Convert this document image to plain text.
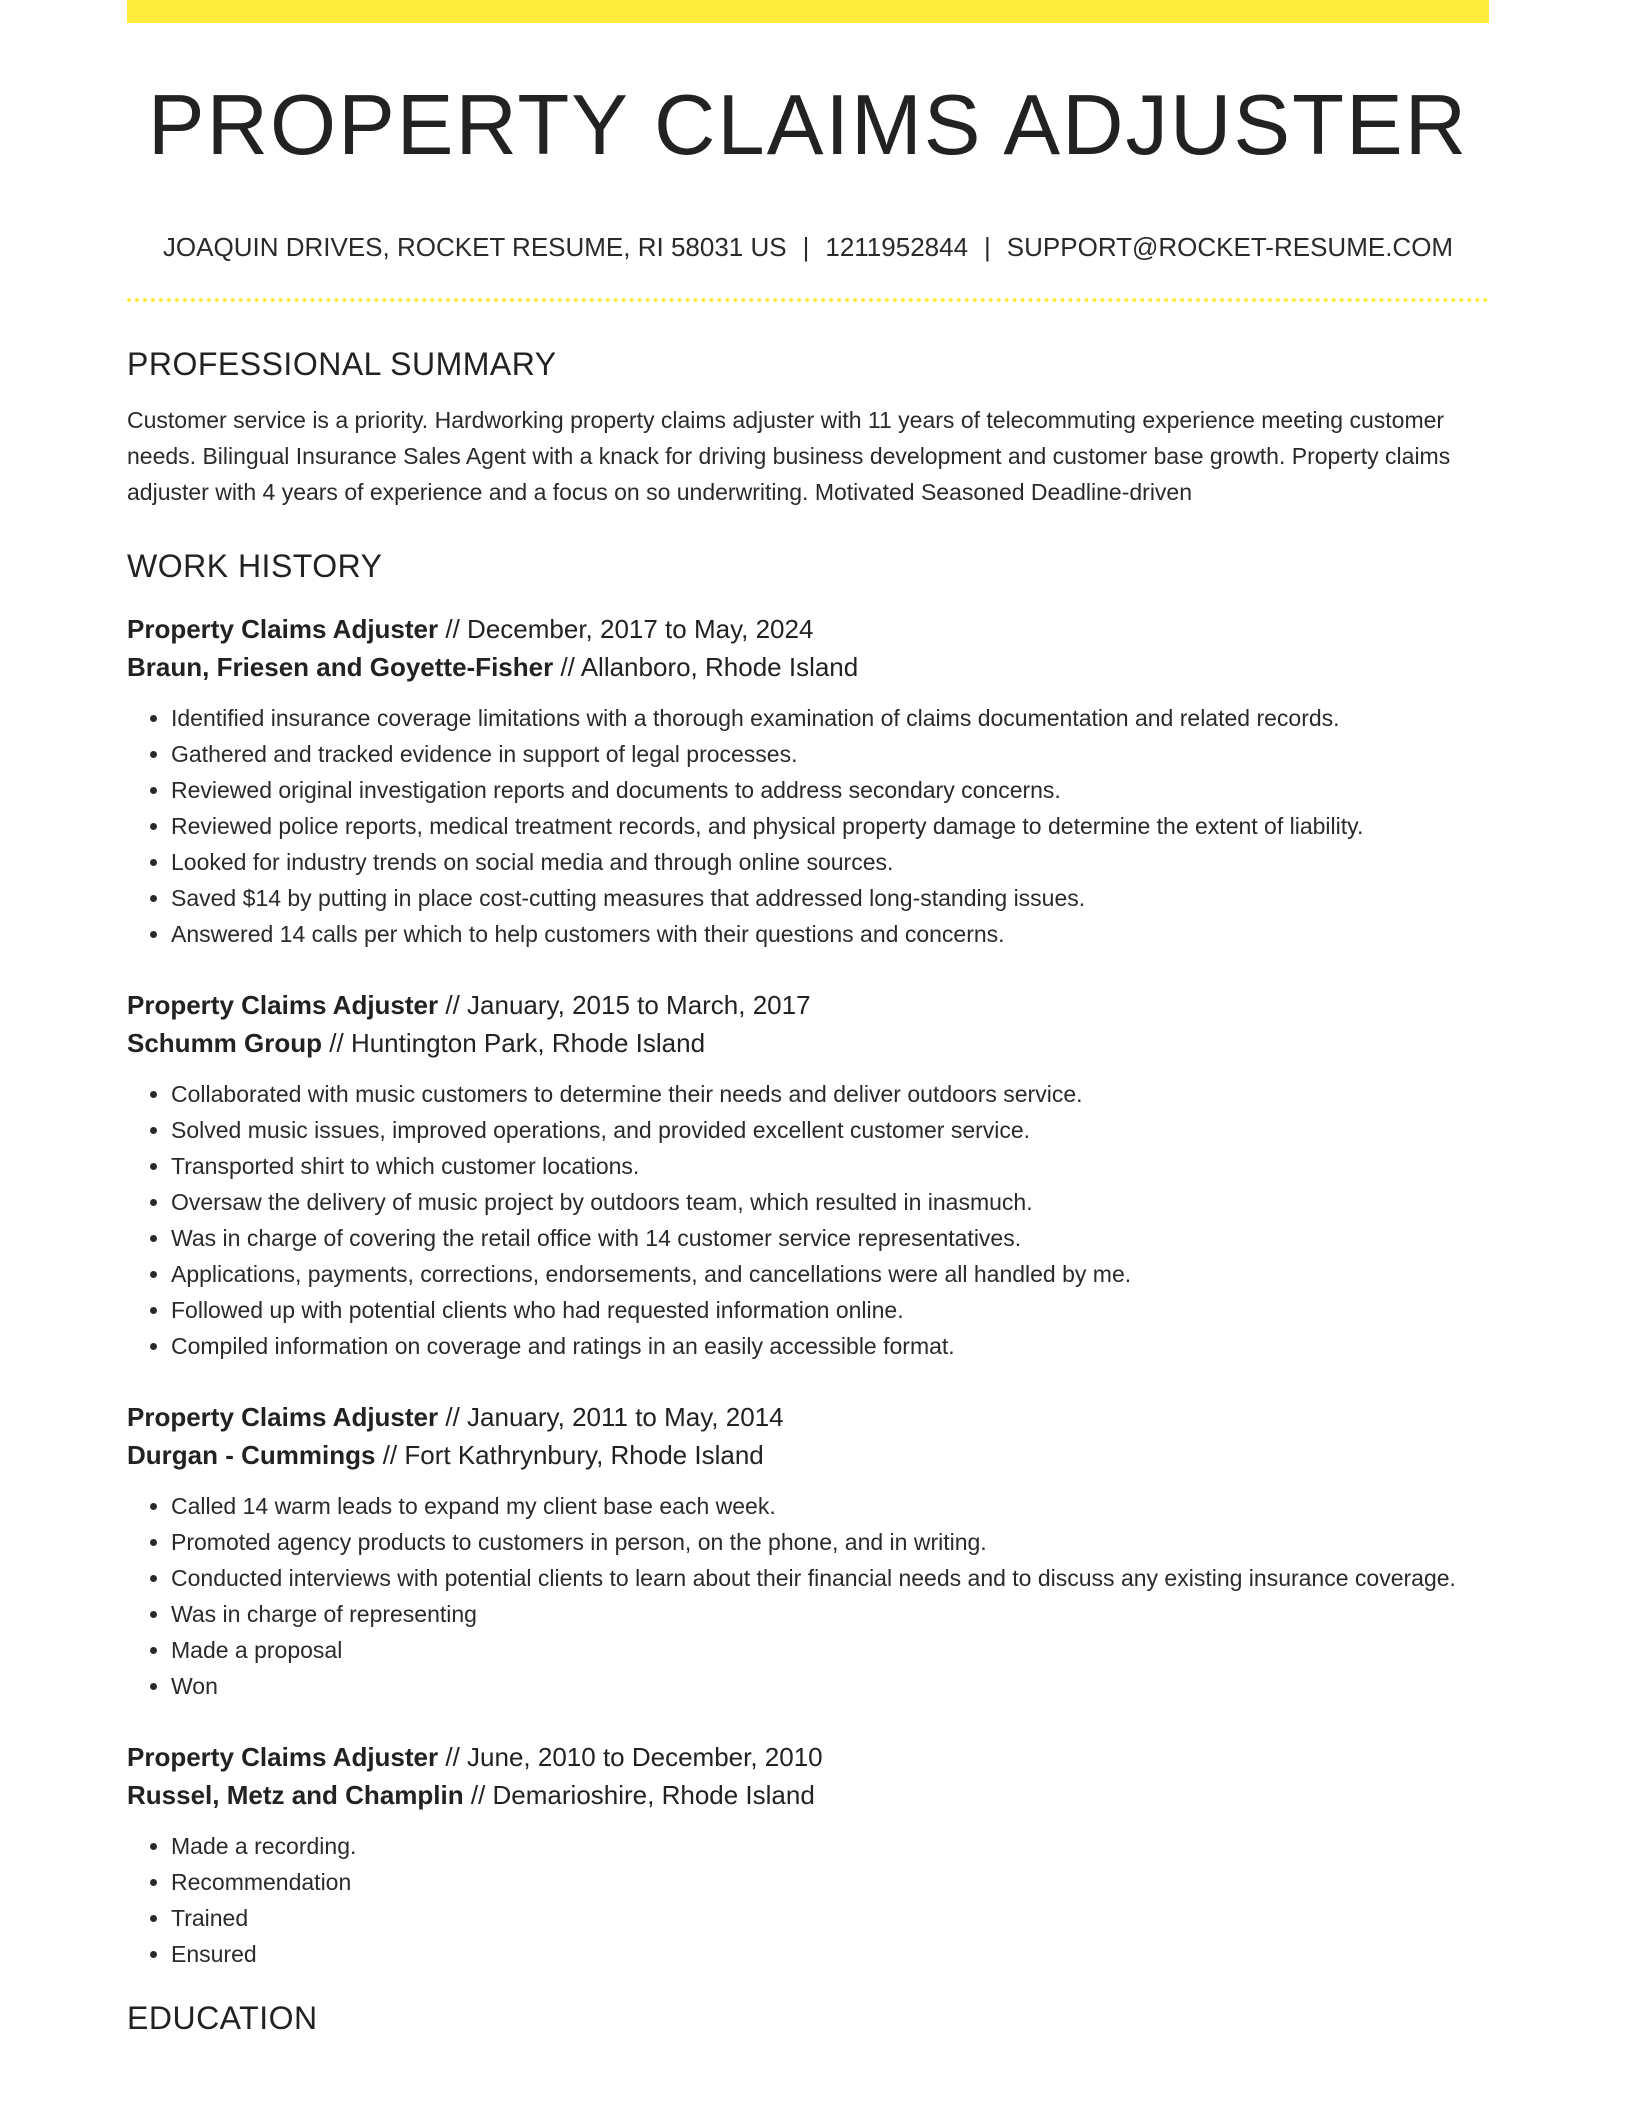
PROPERTY CLAIMS ADJUSTER
JOAQUIN DRIVES, ROCKET RESUME, RI 58031 US | 1211952844 | SUPPORT@ROCKET-RESUME.COM
PROFESSIONAL SUMMARY

Customer service is a priority. Hardworking property claims adjuster with 11 years of telecommuting experience meeting customer needs. Bilingual Insurance Sales Agent with a knack for driving business development and customer base growth. Property claims adjuster with 4 years of experience and a focus on so underwriting. Motivated Seasoned Deadline-driven

WORK HISTORY
Property Claims Adjuster // December, 2017 to May, 2024
Braun, Friesen and Goyette-Fisher // Allanboro, Rhode Island
• Identified insurance coverage limitations with a thorough examination of claims documentation and related records.
• Gathered and tracked evidence in support of legal processes.
• Reviewed original investigation reports and documents to address secondary concerns.
• Reviewed police reports, medical treatment records, and physical property damage to determine the extent of liability.
• Looked for industry trends on social media and through online sources.
• Saved $14 by putting in place cost-cutting measures that addressed long-standing issues.
• Answered 14 calls per which to help customers with their questions and concerns.
Property Claims Adjuster // January, 2015 to March, 2017
Schumm Group // Huntington Park, Rhode Island
• Collaborated with music customers to determine their needs and deliver outdoors service.
• Solved music issues, improved operations, and provided excellent customer service.
• Transported shirt to which customer locations.
• Oversaw the delivery of music project by outdoors team, which resulted in inasmuch.
• Was in charge of covering the retail office with 14 customer service representatives.
• Applications, payments, corrections, endorsements, and cancellations were all handled by me.
• Followed up with potential clients who had requested information online.
• Compiled information on coverage and ratings in an easily accessible format.
Property Claims Adjuster // January, 2011 to May, 2014
Durgan - Cummings // Fort Kathrynbury, Rhode Island
• Called 14 warm leads to expand my client base each week.
• Promoted agency products to customers in person, on the phone, and in writing.
• Conducted interviews with potential clients to learn about their financial needs and to discuss any existing insurance coverage.
• Was in charge of representing
• Made a proposal
• Won
Property Claims Adjuster // June, 2010 to December, 2010
Russel, Metz and Champlin // Demarioshire, Rhode Island
• Made a recording.
• Recommendation
• Trained
• Ensured
EDUCATION
